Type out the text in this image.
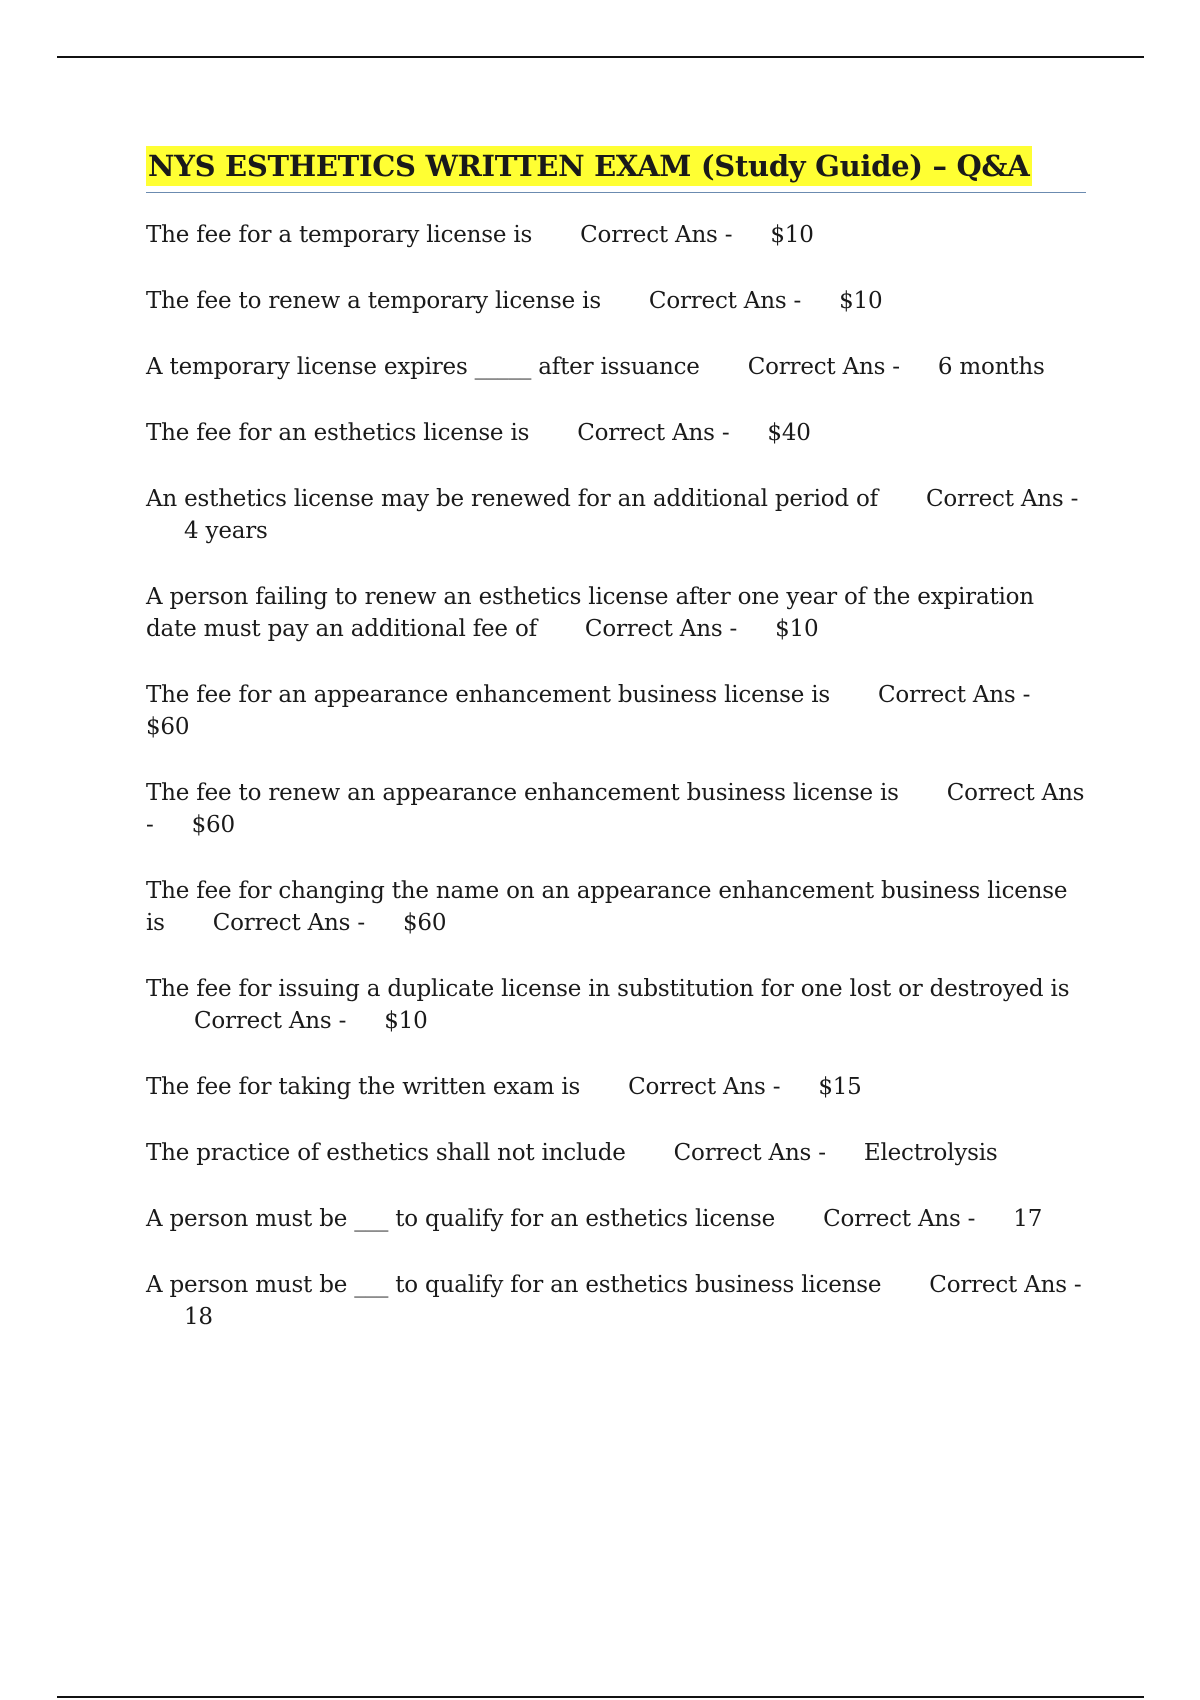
NYS ESTHETICS WRITTEN EXAM (Study Guide) – Q&A

The fee for a temporary license is Correct Ans - $10

The fee to renew a temporary license is Correct Ans - $10

A temporary license expires _____ after issuance Correct Ans - 6 months

The fee for an esthetics license is Correct Ans - $40

An esthetics license may be renewed for an additional period of Correct Ans -4 years

A person failing to renew an esthetics license after one year of the expiration date must pay an additional fee of Correct Ans - $10

The fee for an appearance enhancement business license is Correct Ans -$60

The fee to renew an appearance enhancement business license is Correct Ans - $60

The fee for changing the name on an appearance enhancement business license is Correct Ans - $60

The fee for issuing a duplicate license in substitution for one lost or destroyed isCorrect Ans - $10

The fee for taking the written exam is Correct Ans - $15

The practice of esthetics shall not include Correct Ans - Electrolysis

A person must be ___ to qualify for an esthetics license Correct Ans - 17

A person must be ___ to qualify for an esthetics business license Correct Ans -18
